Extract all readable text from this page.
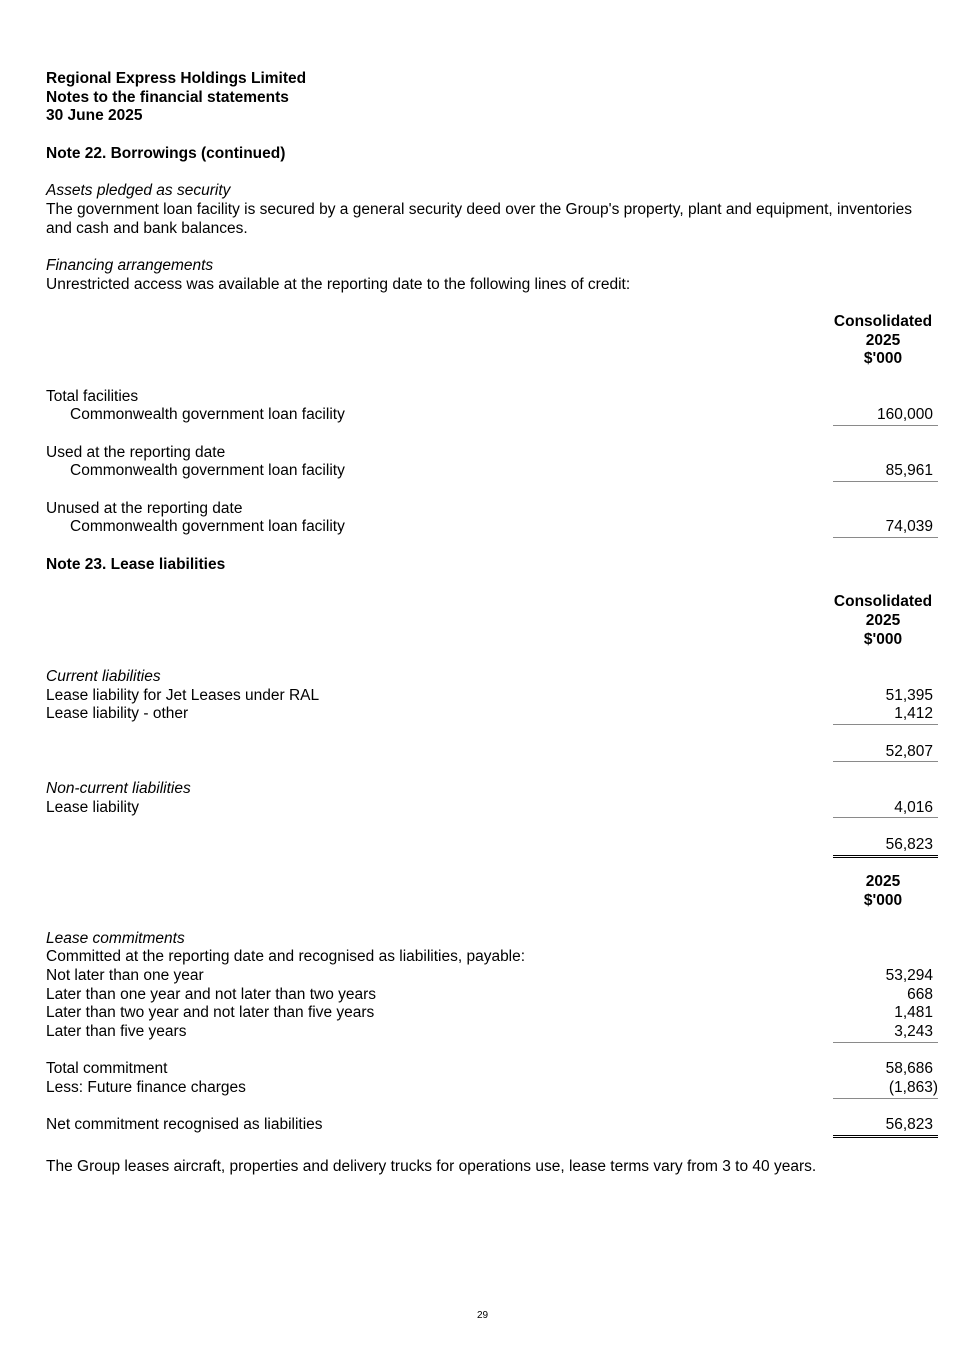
Regional Express Holdings Limited
Notes to the financial statements
30 June 2025
Note 22. Borrowings (continued)
Assets pledged as security
The government loan facility is secured by a general security deed over the Group's property, plant and equipment, inventories and cash and bank balances.
Financing arrangements
Unrestricted access was available at the reporting date to the following lines of credit:
Consolidated
2025
$'000
Total facilities
Commonwealth government loan facility	160,000
Used at the reporting date
Commonwealth government loan facility	85,961
Unused at the reporting date
Commonwealth government loan facility	74,039
Note 23. Lease liabilities
Consolidated
2025
$'000
Current liabilities
Lease liability for Jet Leases under RAL	51,395
Lease liability - other	1,412
52,807
Non-current liabilities
Lease liability	4,016
56,823
2025
$'000
Lease commitments
Committed at the reporting date and recognised as liabilities, payable:
Not later than one year	53,294
Later than one year and not later than two years	668
Later than two year and not later than five years	1,481
Later than five years	3,243
Total commitment	58,686
Less: Future finance charges	(1,863)
Net commitment recognised as liabilities	56,823
The Group leases aircraft, properties and delivery trucks for operations use, lease terms vary from 3 to 40 years.
29
